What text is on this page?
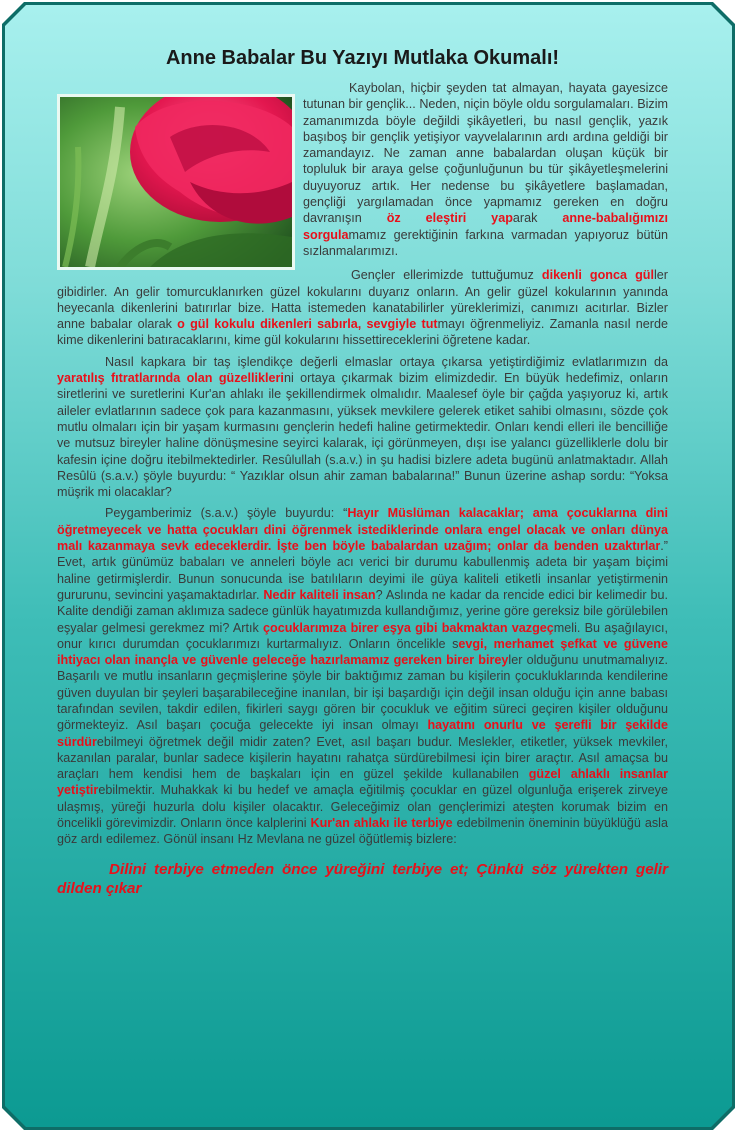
Anne Babalar Bu Yazıyı Mutlaka Okumalı!

Kaybolan, hiçbir şeyden tat almayan, hayata gayesizce tutunan bir gençlik... Neden, niçin böyle oldu sorgulamaları. Bizim zamanımızda böyle değildi şikâyetleri, bu nasıl gençlik, yazık başıboş bir gençlik yetişiyor vayvelalarının ardı ardına geldiği bir zamandayız. Ne zaman anne babalardan oluşan küçük bir topluluk bir araya gelse çoğunluğunun bu tür şikâyetleşmelerini duyuyoruz artık. Her nedense bu şikâyetlere başlamadan, gençliği yargılamadan önce yapmamız gereken en doğru davranışın öz eleştiri yaparak anne-babalığımızı sorgulamamız gerektiğinin farkına varmadan yapıyoruz bütün sızlanmalarımızı.

Gençler ellerimizde tuttuğumuz dikenli gonca güller gibidirler. An gelir tomurcuklanırken güzel kokularını duyarız onların. An gelir güzel kokularının yanında heyecanla dikenlerini batırırlar bize. Hatta istemeden kanatabilirler yüreklerimizi, canımızı acıtırlar. Bizler anne babalar olarak o gül kokulu dikenleri sabırla, sevgiyle tutmayı öğrenmeliyiz. Zamanla nasıl nerde kime dikenlerini batıracaklarını, kime gül kokularını hissettireceklerini öğretene kadar.

Nasıl kapkara bir taş işlendikçe değerli elmaslar ortaya çıkarsa yetiştirdiğimiz evlatlarımızın da yaratılış fıtratlarında olan güzelliklerini ortaya çıkarmak bizim elimizdedir. En büyük hedefimiz, onların siretlerini ve suretlerini Kur'an ahlakı ile şekillendirmek olmalıdır. Maalesef öyle bir çağda yaşıyoruz ki, artık aileler evlatlarının sadece çok para kazanmasını, yüksek mevkilere gelerek etiket sahibi olmasını, sözde çok mutlu olmaları için bir yaşam kurmasını gençlerin hedefi haline getirmektedir. Onları kendi elleri ile bencilliğe ve mutsuz bireyler haline dönüşmesine seyirci kalarak, içi görünmeyen, dışı ise yalancı güzelliklerle dolu bir kafesin içine doğru itebilmektedirler. Resûlullah (s.a.v.) in şu hadisi bizlere adeta bugünü anlatmaktadır. Allah Resûlü (s.a.v.) şöyle buyurdu: “ Yazıklar olsun ahir zaman babalarına!” Bunun üzerine ashap sordu: “Yoksa müşrik mi olacaklar?

Peygamberimiz (s.a.v.) şöyle buyurdu: “Hayır Müslüman kalacaklar; ama çocuklarına dini öğretmeyecek ve hatta çocukları dini öğrenmek istediklerinde onlara engel olacak ve onları dünya malı kazanmaya sevk edeceklerdir. İşte ben böyle babalardan uzağım; onlar da benden uzaktırlar.” Evet, artık günümüz babaları ve anneleri böyle acı verici bir durumu kabullenmiş adeta bir yaşam biçimi haline getirmişlerdir. Bunun sonucunda ise batılıların deyimi ile güya kaliteli etiketli insanlar yetiştirmenin gururunu, sevincini yaşamaktadırlar. Nedir kaliteli insan? Aslında ne kadar da rencide edici bir kelimedir bu. Kalite dendiği zaman aklımıza sadece günlük hayatımızda kullandığımız, yerine göre gereksiz bile görülebilen eşyalar gelmesi gerekmez mi? Artık çocuklarımıza birer eşya gibi bakmaktan vazgeçmeli. Bu aşağılayıcı, onur kırıcı durumdan çocuklarımızı kurtarmalıyız. Onların öncelikle sevgi, merhamet şefkat ve güvene ihtiyacı olan inançla ve güvenle geleceğe hazırlamamız gereken birer bireyler olduğunu unutmamalıyız. Başarılı ve mutlu insanların geçmişlerine şöyle bir baktığımız zaman bu kişilerin çocukluklarında kendilerine güven duyulan bir şeyleri başarabileceğine inanılan, bir işi başardığı için değil insan olduğu için anne babası tarafından sevilen, takdir edilen, fikirleri saygı gören bir çocukluk ve eğitim süreci geçiren kişiler olduğunu görmekteyiz. Asıl başarı çocuğa gelecekte iyi insan olmayı hayatını onurlu ve şerefli bir şekilde sürdürebilmeyi öğretmek değil midir zaten? Evet, asıl başarı budur. Meslekler, etiketler, yüksek mevkiler, kazanılan paralar, bunlar sadece kişilerin hayatını rahatça sürdürebilmesi için birer araçtır. Asıl amaçsa bu araçları hem kendisi hem de başkaları için en güzel şekilde kullanabilen güzel ahlaklı insanlar yetiştirebilmektir. Muhakkak ki bu hedef ve amaçla eğitilmiş çocuklar en güzel olgunluğa erişerek zirveye ulaşmış, yüreği huzurla dolu kişiler olacaktır. Geleceğimiz olan gençlerimizi ateşten korumak bizim en öncelikli görevimizdir. Onların önce kalplerini Kur'an ahlakı ile terbiye edebilmenin öneminin büyüklüğü asla göz ardı edilemez. Gönül insanı Hz Mevlana ne güzel öğütlemiş bizlere:

Dilini terbiye etmeden önce yüreğini terbiye et; Çünkü söz yürekten gelir dilden çıkar
